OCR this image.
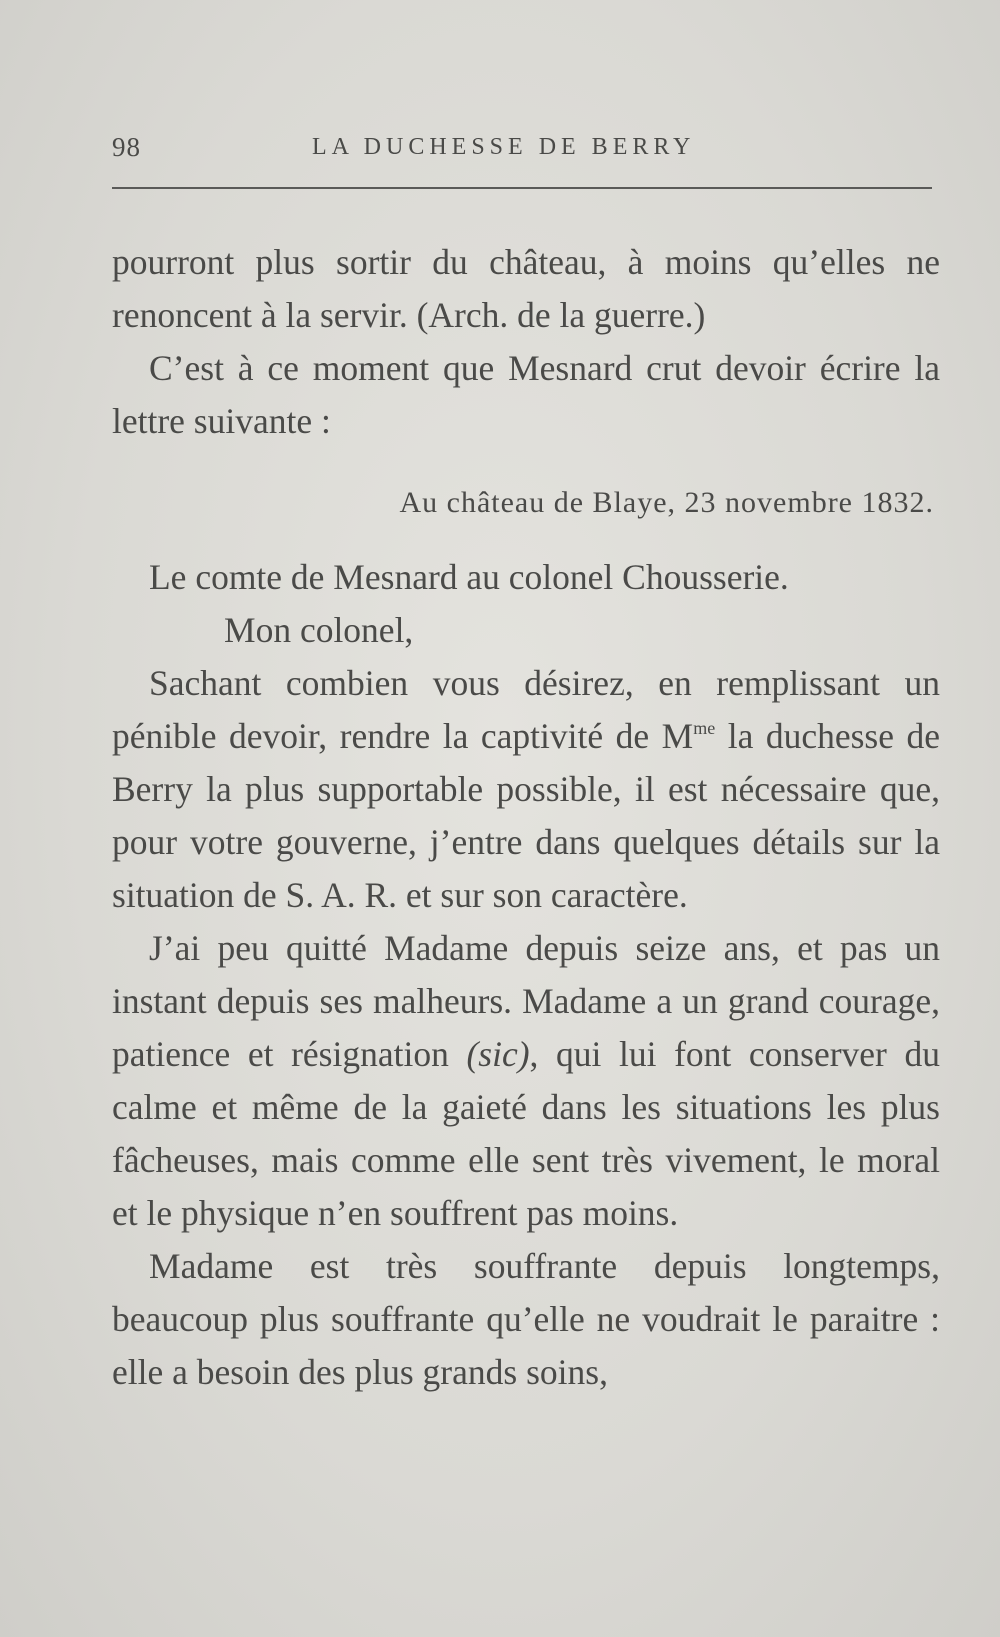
98	LA DUCHESSE DE BERRY

pourront plus sortir du château, à moins qu’elles ne renoncent à la servir. (Arch. de la guerre.)

C’est à ce moment que Mesnard crut devoir écrire la lettre suivante :

Au château de Blaye, 23 novembre 1832.

Le comte de Mesnard au colonel Chousserie.

Mon colonel,

Sachant combien vous désirez, en remplissant un pénible devoir, rendre la captivité de $M^{me}$ la duchesse de Berry la plus supportable possible, il est nécessaire que, pour votre gouverne, j’entre dans quelques détails sur la situation de S. A. R. et sur son caractère.

J’ai peu quitté Madame depuis seize ans, et pas un instant depuis ses malheurs. Madame a un grand courage, patience et résignation (sic), qui lui font conserver du calme et même de la gaieté dans les situations les plus fâcheuses, mais comme elle sent très vivement, le moral et le physique n’en souffrent pas moins.

Madame est très souffrante depuis longtemps, beaucoup plus souffrante qu’elle ne voudrait le paraitre : elle a besoin des plus grands soins,
